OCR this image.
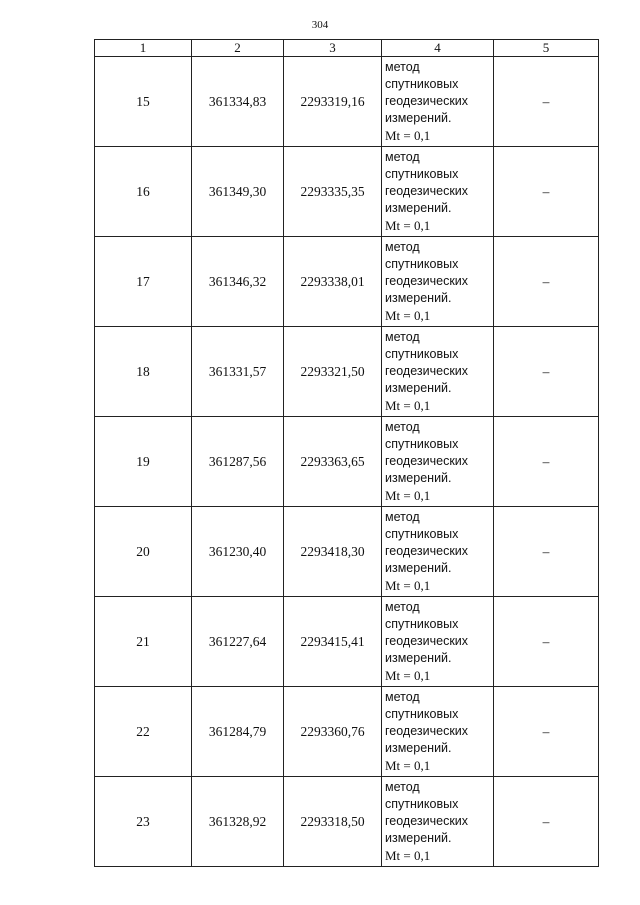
304
1	2	3	4	5
15	361334,83	2293319,16	метод
спутниковых
геодезических
измерений.
Mt = 0,1	–
16	361349,30	2293335,35	метод
спутниковых
геодезических
измерений.
Mt = 0,1	–
17	361346,32	2293338,01	метод
спутниковых
геодезических
измерений.
Mt = 0,1	–
18	361331,57	2293321,50	метод
спутниковых
геодезических
измерений.
Mt = 0,1	–
19	361287,56	2293363,65	метод
спутниковых
геодезических
измерений.
Mt = 0,1	–
20	361230,40	2293418,30	метод
спутниковых
геодезических
измерений.
Mt = 0,1	–
21	361227,64	2293415,41	метод
спутниковых
геодезических
измерений.
Mt = 0,1	–
22	361284,79	2293360,76	метод
спутниковых
геодезических
измерений.
Mt = 0,1	–
23	361328,92	2293318,50	метод
спутниковых
геодезических
измерений.
Mt = 0,1	–
